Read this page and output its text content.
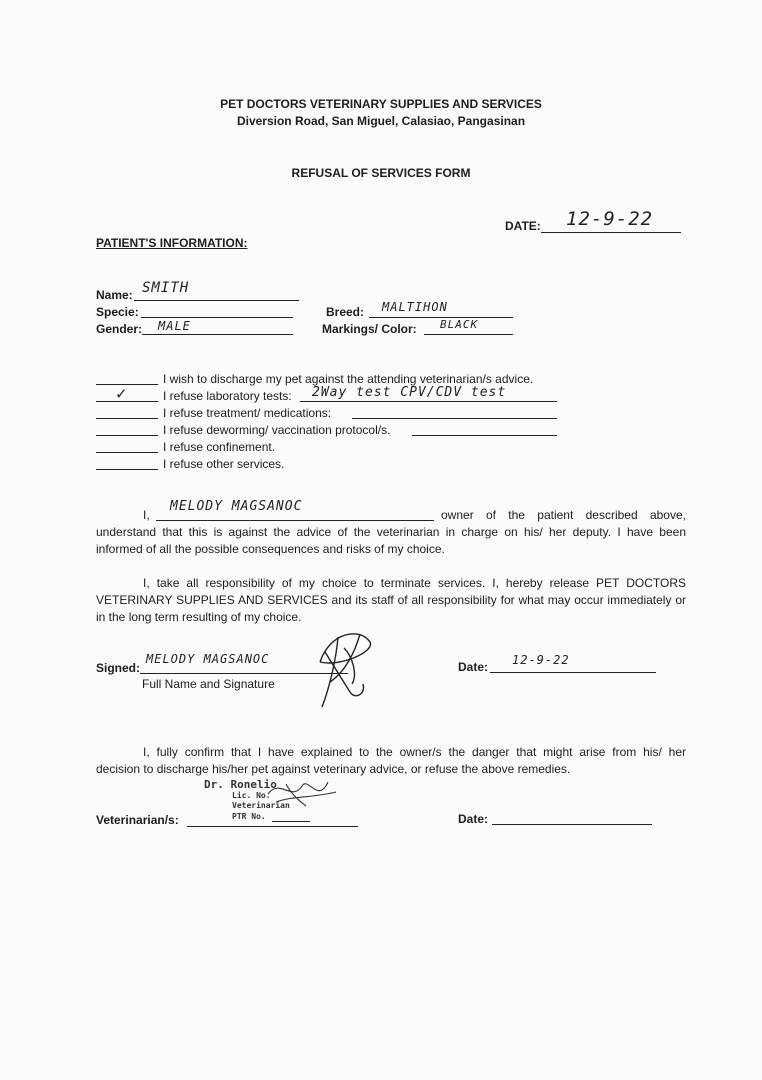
PET DOCTORS VETERINARY SUPPLIES AND SERVICES
Diversion Road, San Miguel, Calasiao, Pangasinan
REFUSAL OF SERVICES FORM
DATE: 12-9-22
PATIENT'S INFORMATION:
Name: SMITH
Specie:	Breed: MALTIHON
Gender: MALE	Markings/ Color: BLACK
I wish to discharge my pet against the attending veterinarian/s advice.
✓	I refuse laboratory tests: 2Way test CPV/CDV test
I refuse treatment/ medications:
I refuse deworming/ vaccination protocol/s.
I refuse confinement.
I refuse other services.
I,
MELODY MAGSANOC
owner of the patient described above,
understand that this is against the advice of the veterinarian in charge on his/ her deputy. I have been
informed of all the possible consequences and risks of my choice.
I, take all responsibility of my choice to terminate services. I, hereby release PET DOCTORS
VETERINARY SUPPLIES AND SERVICES and its staff of all responsibility for what may occur immediately or
in the long term resulting of my choice.
Signed:
MELODY MAGSANOC
Full Name and Signature
Date: 12-9-22
I, fully confirm that I have explained to the owner/s the danger that might arise from his/ her
decision to discharge his/her pet against veterinary advice, or refuse the above remedies.
Dr. Ronelio
Lic. No.
Veterinarian
PTR No.
Veterinarian/s:	Date:
